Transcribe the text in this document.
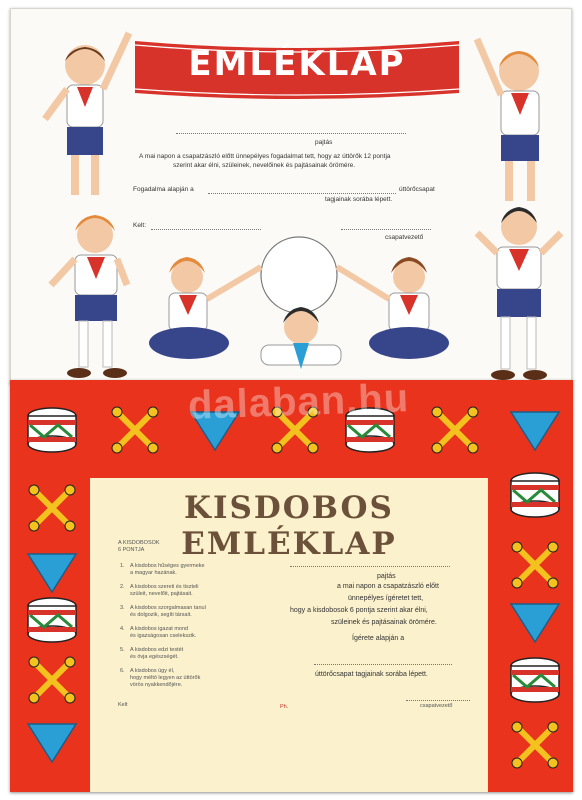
EMLÉKLAP
pajtás
A mai napon a csapatzászló előtt ünnepélyes fogadalmat tett, hogy az úttörők 12 pontja
szerint akar élni, szüleinek, nevelőinek és pajtásainak örömére.
Fogadalma alapján a	úttörőcsapat
tagjainak sorába lépett.
Kelt:
csapatvezető
KISDOBOS EMLÉKLAP
A KISDOBOSOK
6 PONTJA
1. A kisdobos hűséges gyermeke
a magyar hazának.
2. A kisdobos szereti és tiszteli
szüleit, nevelőit, pajtásait.
3. A kisdobos szorgalmasan tanul
és dolgozik, segíti társait.
4. A kisdobos igazat mond
és igazságosan cselekszik.
5. A kisdobos edzi testét
és óvja egészségét.
6. A kisdobos úgy él,
hogy méltó legyen az úttörők
vörös nyakkendőjére.
pajtás
a mai napon a csapatzászló előtt
ünnepélyes ígéretet tett,
hogy a kisdobosok 6 pontja szerint akar élni,
szüleinek és pajtásainak örömére.
Ígérete alapján a
úttörőcsapat tagjainak sorába lépett.
Kelt	Ph.	csapatvezető
dalaban.hu
